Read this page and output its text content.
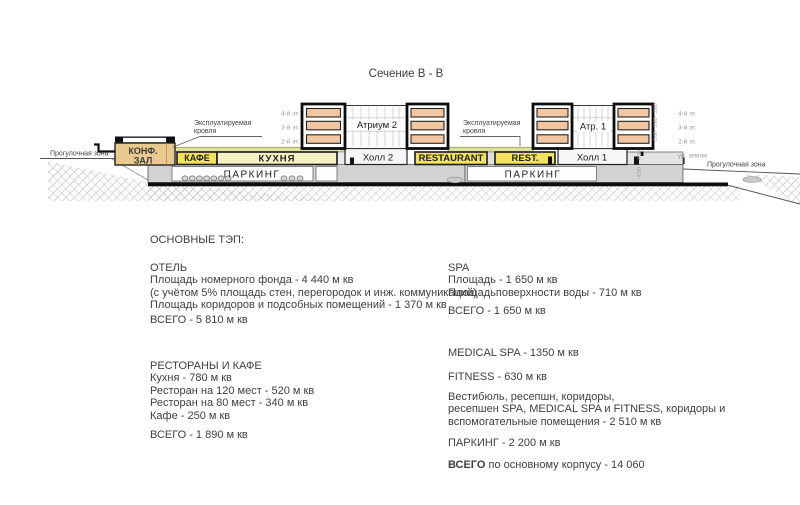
Сечение В - В
Прогулочная зона
Прогулочная зона
ПАРКИНГ	ПАРКИНГ
КАФЕ	КУХНЯ	Холл 2	RESTAURANT	REST.	Холл 1
КОНФ.
ЗАЛ
Атриум 2	Атр. 1
Эксплуатируемая
кровля
Эксплуатируемая
кровля
4-й эт.
3-й эт.
2-й эт.
4-й эт.
3-й эт.
2-й эт.
ур. земли
3.60
3.60
3.60
4.20
4.50
ОСНОВНЫЕ ТЭП:
ОТЕЛЬ
Площадь номерного фонда - 4 440 м кв
(с учётом 5% площадь стен, перегородок и инж. коммуникаций)
Площадь коридоров и подсобных помещений - 1 370 м кв
ВСЕГО - 5 810 м кв
РЕСТОРАНЫ И КАФЕ
Кухня - 780 м кв
Ресторан на 120 мест - 520 м кв
Ресторан на 80 мест - 340 м кв
Кафе - 250 м кв
ВСЕГО - 1 890 м кв
SPA
Площадь - 1 650 м кв
Площадьповерхности воды - 710 м кв
ВСЕГО - 1 650 м кв
MEDICAL SPA - 1350 м кв
FITNESS - 630 м кв
Вестибюль, ресепшн, коридоры,
ресепшен SPA, MEDICAL SPA и FITNESS, коридоры и
вспомогательные помещения - 2 510 м кв
ПАРКИНГ - 2 200 м кв
ВСЕГО по основному корпусу - 14 060
